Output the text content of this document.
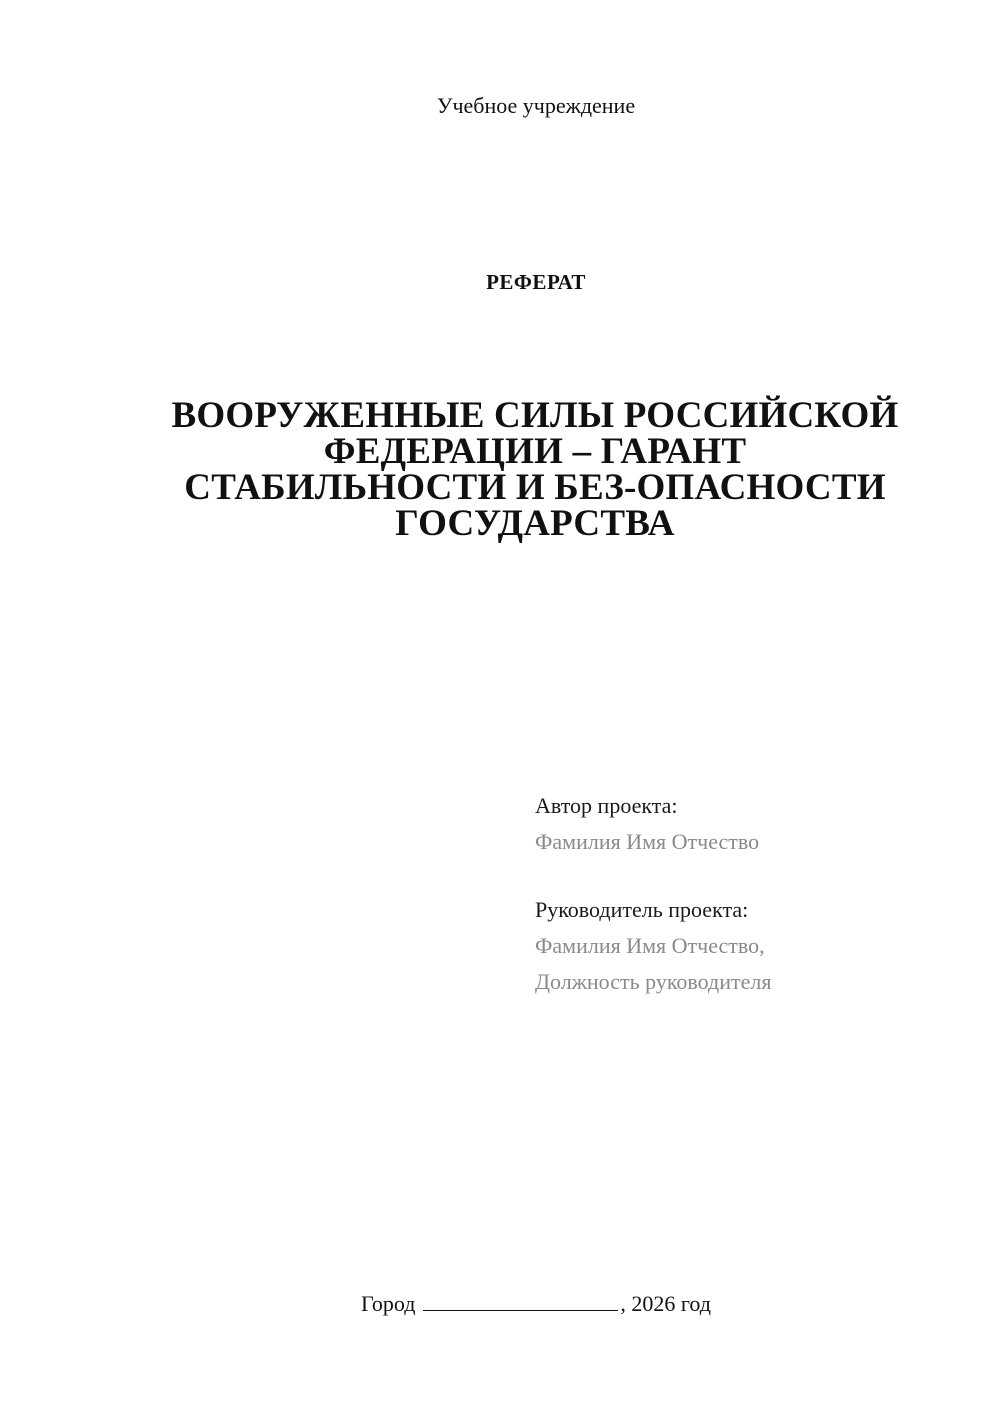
Учебное учреждение
РЕФЕРАТ
ВООРУЖЕННЫЕ СИЛЫ РОССИЙСКОЙ
ФЕДЕРАЦИИ – ГАРАНТ
СТАБИЛЬНОСТИ И БЕЗ-ОПАСНОСТИ
ГОСУДАРСТВА
Автор проекта:
Фамилия Имя Отчество
Руководитель проекта:
Фамилия Имя Отчество,
Должность руководителя
Город	, 2026 год
